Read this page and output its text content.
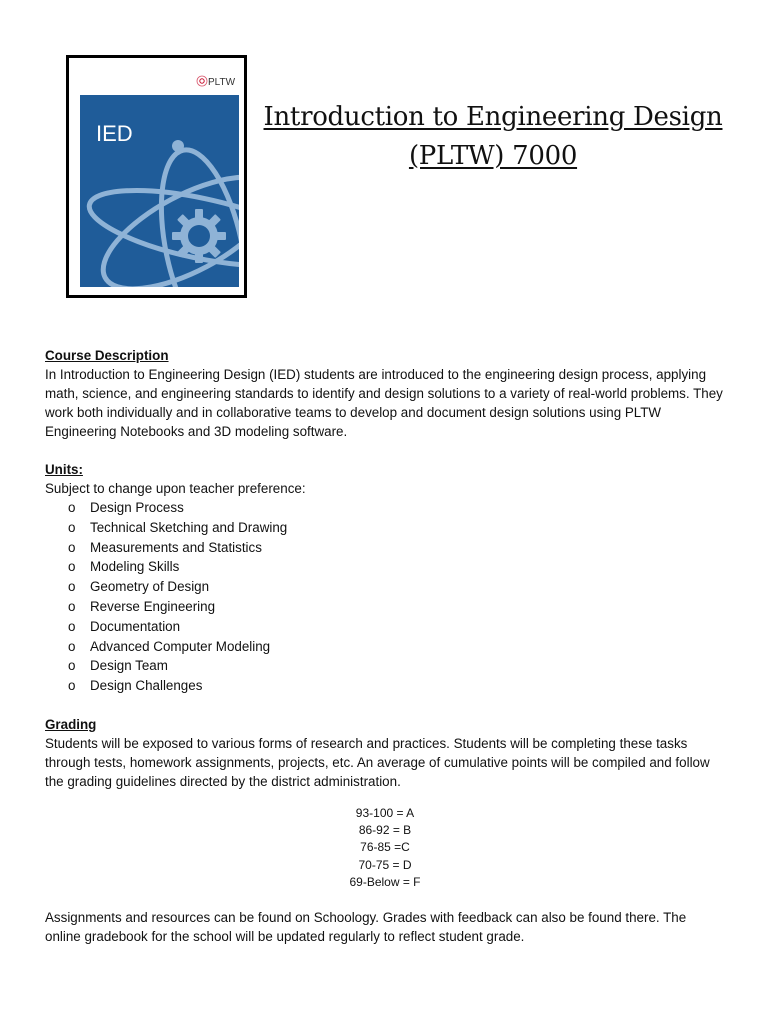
PLTW
IED
Introduction to Engineering Design
(PLTW) 7000
Course Description

In Introduction to Engineering Design (IED) students are introduced to the engineering design process, applying math, science, and engineering standards to identify and design solutions to a variety of real-world problems. They work both individually and in collaborative teams to develop and document design solutions using PLTW Engineering Notebooks and 3D modeling software.

Units:

Subject to change upon teacher preference:

o Design Process
o Technical Sketching and Drawing
o Measurements and Statistics
o Modeling Skills
o Geometry of Design
o Reverse Engineering
o Documentation
o Advanced Computer Modeling
o Design Team
o Design Challenges
Grading

Students will be exposed to various forms of research and practices. Students will be completing these tasks through tests, homework assignments, projects, etc. An average of cumulative points will be compiled and follow the grading guidelines directed by the district administration.

93-100 = A
86-92 = B
76-85 =C
70-75 = D
69-Below = F

Assignments and resources can be found on Schoology. Grades with feedback can also be found there. The online gradebook for the school will be updated regularly to reflect student grade.
